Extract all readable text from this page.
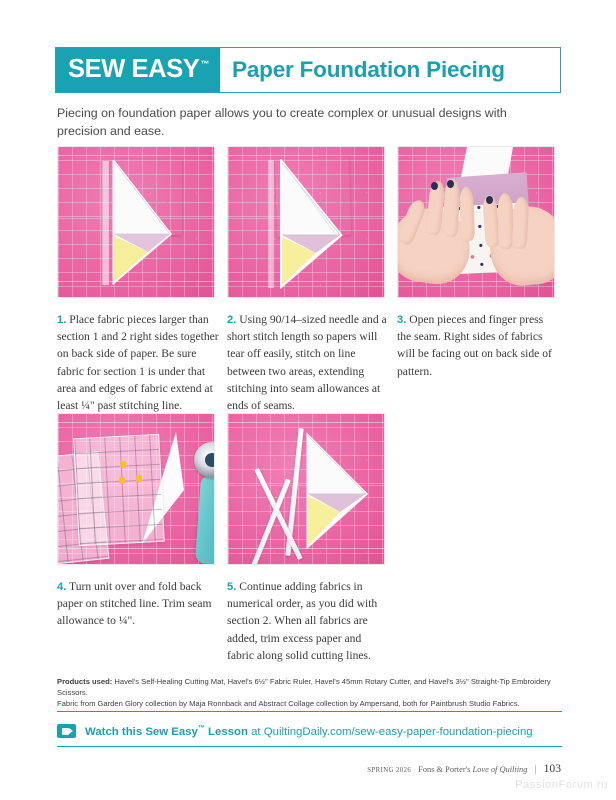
SEW EASY ™	Paper Foundation Piecing
Piecing on foundation paper allows you to create complex or unusual designs with precision and ease.
1. Place fabric pieces larger than section 1 and 2 right sides together on back side of paper. Be sure fabric for section 1 is under that area and edges of fabric extend at least ¼" past stitching line.
2. Using 90/14–sized needle and a short stitch length so papers will tear off easily, stitch on line between two areas, extending stitching into seam allowances at ends of seams.
3. Open pieces and finger press the seam. Right sides of fabrics will be facing out on back side of pattern.
4. Turn unit over and fold back paper on stitched line. Trim seam allowance to ¼".
5. Continue adding fabrics in numerical order, as you did with section 2. When all fabrics are added, trim excess paper and fabric along solid cutting lines.
Products used: Havel's Self-Healing Cutting Mat, Havel's 6½" Fabric Ruler, Havel's 45mm Rotary Cutter, and Havel's 3½" Straight-Tip Embroidery Scissors.
Fabric from Garden Glory collection by Maja Ronnback and Abstract Collage collection by Ampersand, both for Paintbrush Studio Fabrics.
Watch this Sew Easy™ Lesson at QuiltingDaily.com/sew-easy-paper-foundation-piecing
SPRING 2026 Fons & Porter's Love of Quilting | 103
PassionForum.ru
